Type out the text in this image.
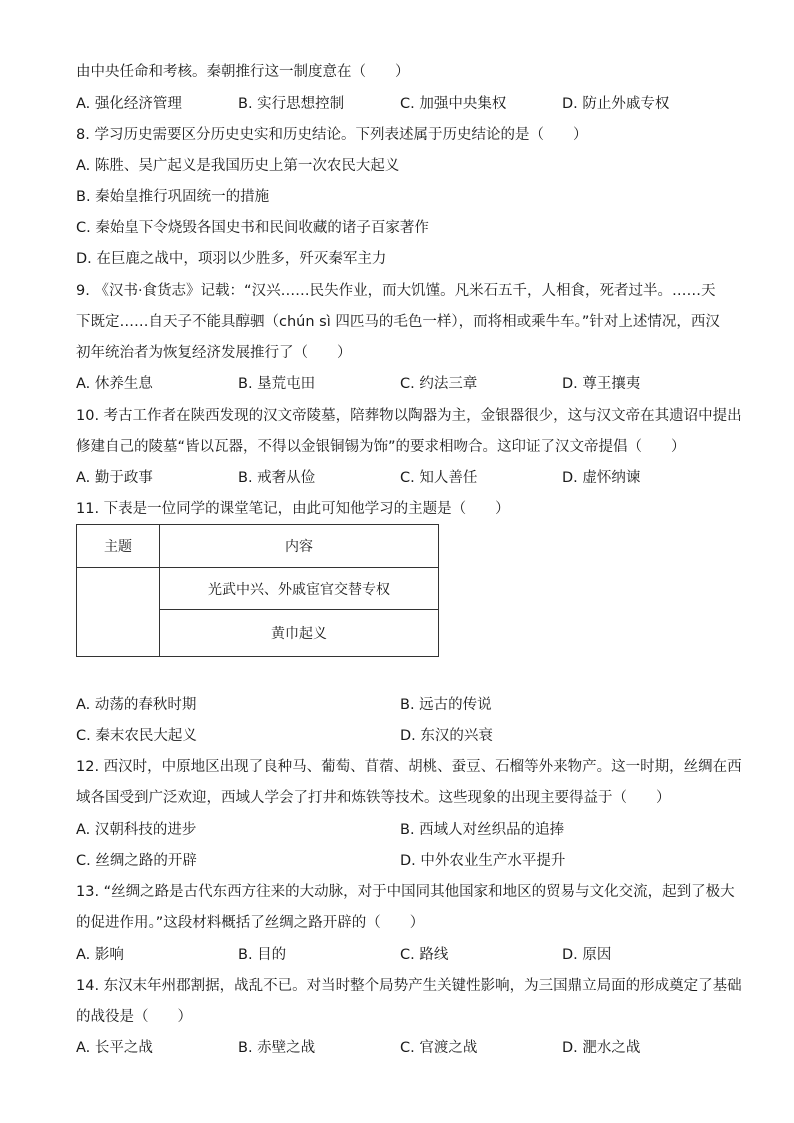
由中央任命和考核。秦朝推行这一制度意在（　　）
A. 强化经济管理	B. 实行思想控制	C. 加强中央集权	D. 防止外戚专权
8. 学习历史需要区分历史史实和历史结论。下列表述属于历史结论的是（　　）
A. 陈胜、吴广起义是我国历史上第一次农民大起义
B. 秦始皇推行巩固统一的措施
C. 秦始皇下令烧毁各国史书和民间收藏的诸子百家著作
D. 在巨鹿之战中，项羽以少胜多，歼灭秦军主力
9. 《汉书·食货志》记载：“汉兴……民失作业，而大饥馑。凡米石五千，人相食，死者过半。……天
下既定……自天子不能具醇驷（chún sì 四匹马的毛色一样），而将相或乘牛车。”针对上述情况，西汉
初年统治者为恢复经济发展推行了（　　）
A. 休养生息	B. 垦荒屯田	C. 约法三章	D. 尊王攘夷
10. 考古工作者在陕西发现的汉文帝陵墓，陪葬物以陶器为主，金银器很少，这与汉文帝在其遗诏中提出
修建自己的陵墓“皆以瓦器，不得以金银铜锡为饰”的要求相吻合。这印证了汉文帝提倡（　　）
A. 勤于政事	B. 戒奢从俭	C. 知人善任	D. 虚怀纳谏
11. 下表是一位同学的课堂笔记，由此可知他学习的主题是（　　）
主题	内容
	光武中兴、外戚宦官交替专权
	黄巾起义
A. 动荡的春秋时期	B. 远古的传说
C. 秦末农民大起义	D. 东汉的兴衰
12. 西汉时，中原地区出现了良种马、葡萄、苜蓿、胡桃、蚕豆、石榴等外来物产。这一时期，丝绸在西
域各国受到广泛欢迎，西域人学会了打井和炼铁等技术。这些现象的出现主要得益于（　　）
A. 汉朝科技的进步	B. 西域人对丝织品的追捧
C. 丝绸之路的开辟	D. 中外农业生产水平提升
13. “丝绸之路是古代东西方往来的大动脉，对于中国同其他国家和地区的贸易与文化交流，起到了极大
的促进作用。”这段材料概括了丝绸之路开辟的（　　）
A. 影响	B. 目的	C. 路线	D. 原因
14. 东汉末年州郡割据，战乱不已。对当时整个局势产生关键性影响，为三国鼎立局面的形成奠定了基础
的战役是（　　）
A. 长平之战	B. 赤壁之战	C. 官渡之战	D. 淝水之战
